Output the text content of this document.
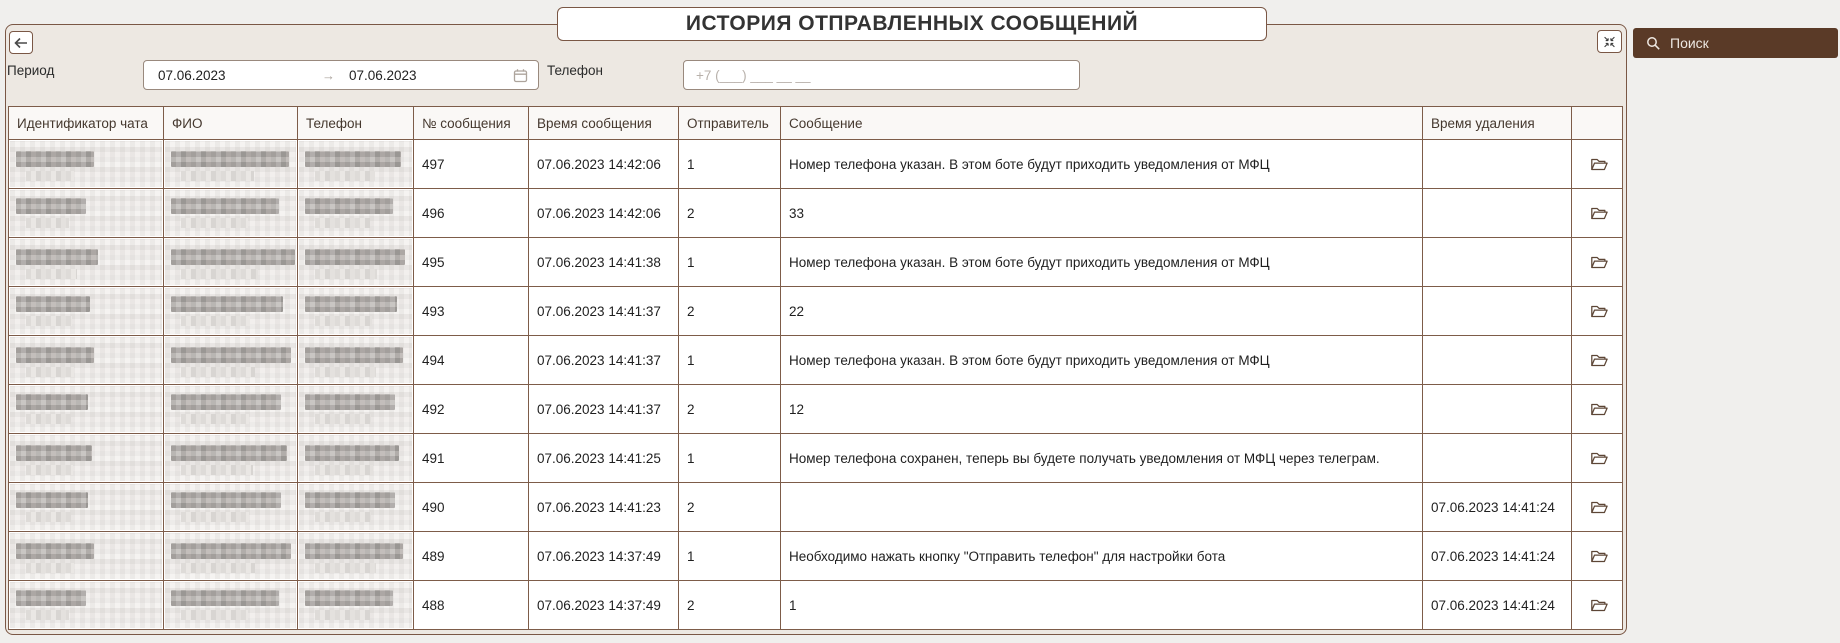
ИСТОРИЯ ОТПРАВЛЕННЫХ СООБЩЕНИЙ
Поиск
Период	07.06.2023	→ 07.06.2023	Телефон	+7 (___) ___ __ __
Идентификатор чата	ФИО	Телефон	№ сообщения	Время сообщения	Отправитель	Сообщение	Время удаления	

	497	07.06.2023 14:42:06	1	Номер телефона указан. В этом боте будут приходить уведомления от МФЦ		

	496	07.06.2023 14:42:06	2	33		

	495	07.06.2023 14:41:38	1	Номер телефона указан. В этом боте будут приходить уведомления от МФЦ		

	493	07.06.2023 14:41:37	2	22		

	494	07.06.2023 14:41:37	1	Номер телефона указан. В этом боте будут приходить уведомления от МФЦ		

	492	07.06.2023 14:41:37	2	12		

	491	07.06.2023 14:41:25	1	Номер телефона сохранен, теперь вы будете получать уведомления от МФЦ через телеграм.		

	490	07.06.2023 14:41:23	2		07.06.2023 14:41:24	

	489	07.06.2023 14:37:49	1	Необходимо нажать кнопку "Отправить телефон" для настройки бота	07.06.2023 14:41:24	

	488	07.06.2023 14:37:49	2	1	07.06.2023 14:41:24	
